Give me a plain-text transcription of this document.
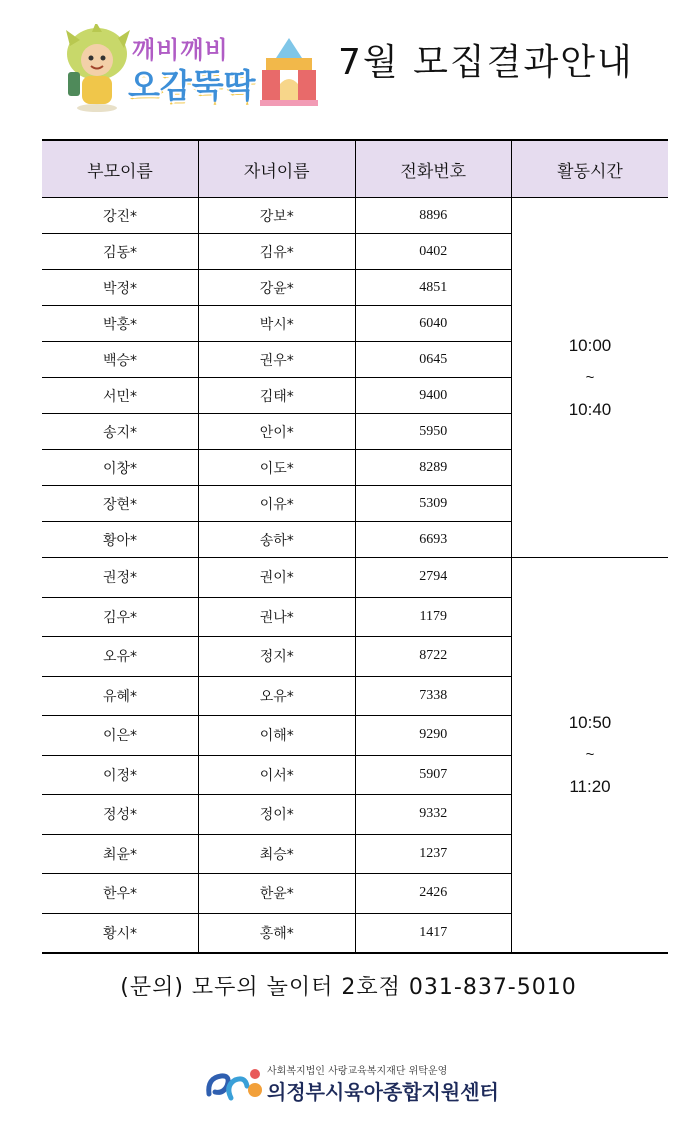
깨비깨비
오감뚝딱
7월 모집결과안내
부모이름	자녀이름	전화번호	활동시간
강진*	강보*	8896	10:00
~
10:40

김동*	김유*	0402	
박정*	강윤*	4851	
박홍*	박시*	6040	
백승*	권우*	0645	
서민*	김태*	9400	
송지*	안이*	5950	
이창*	이도*	8289	
장현*	이유*	5309	
황아*	송하*	6693	
권정*	권이*	2794	10:50
~
11:20

김우*	권나*	1179	
오유*	정지*	8722	
유혜*	오유*	7338	
이은*	이해*	9290	
이정*	이서*	5907	
정성*	정이*	9332	
최윤*	최승*	1237	
한우*	한윤*	2426	
황시*	홍해*	1417	
(문의) 모두의 놀이터 2호점 031-837-5010
사회복지법인 사랑교육복지재단 위탁운영
의정부시육아종합지원센터
